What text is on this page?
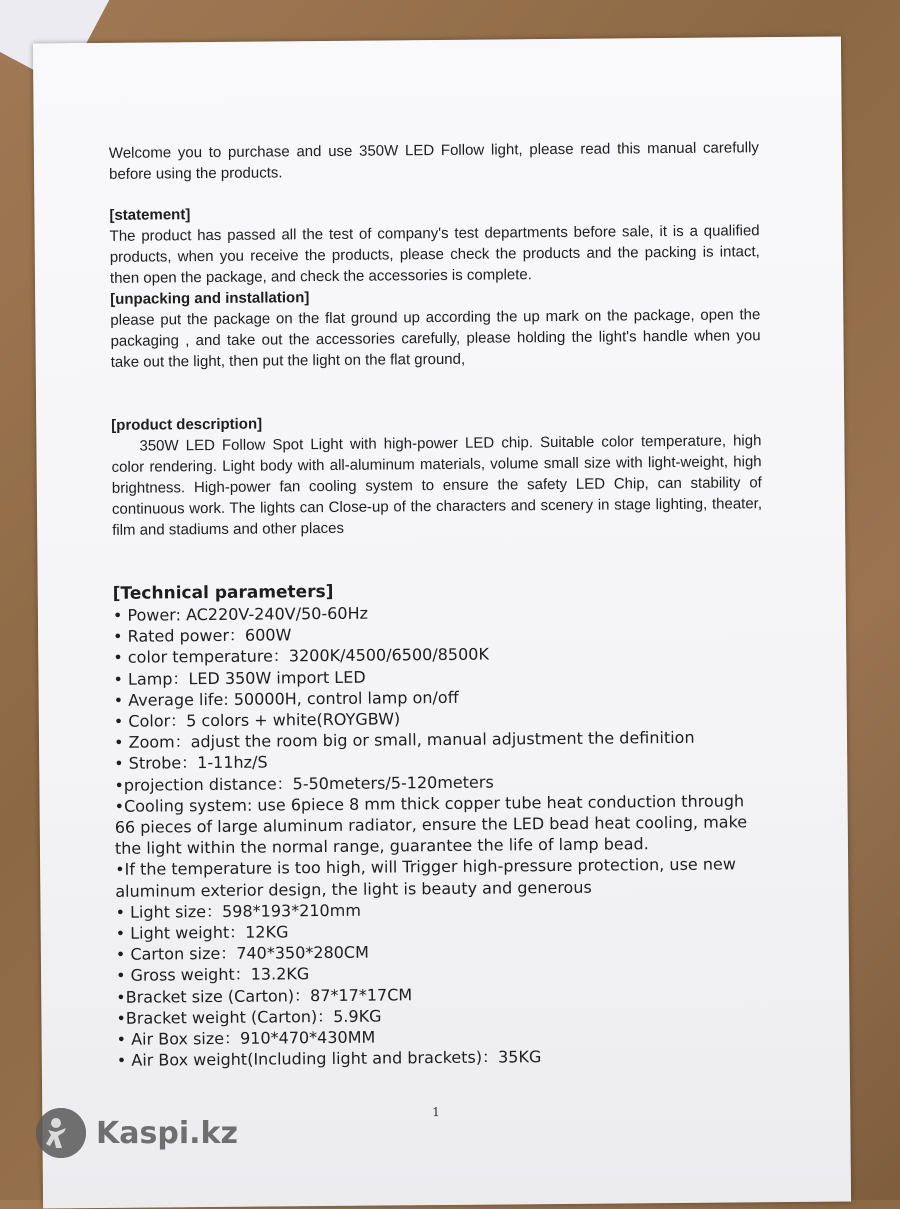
Welcome you to purchase and use 350W LED Follow light, please read this manual carefully before using the products.

[statement]

The product has passed all the test of company's test departments before sale, it is a qualified products, when you receive the products, please check the products and the packing is intact, then open the package, and check the accessories is complete.

[unpacking and installation]

please put the package on the flat ground up according the up mark on the package, open the packaging , and take out the accessories carefully, please holding the light's handle when you take out the light, then put the light on the flat ground,

[product description]

350W LED Follow Spot Light with high-power LED chip. Suitable color temperature, high color rendering. Light body with all-aluminum materials, volume small size with light-weight, high brightness. High-power fan cooling system to ensure the safety LED Chip, can stability of continuous work. The lights can Close-up of the characters and scenery in stage lighting, theater, film and stadiums and other places

[Technical parameters]

• Power: AC220V-240V/50-60Hz
• Rated power：600W
• color temperature：3200K/4500/6500/8500K
• Lamp：LED 350W import LED
• Average life: 50000H, control lamp on/off
• Color：5 colors + white(ROYGBW)
• Zoom：adjust the room big or small, manual adjustment the definition
• Strobe：1-11hz/S
•projection distance：5-50meters/5-120meters
•Cooling system: use 6piece 8 mm thick copper tube heat conduction through 66 pieces of large aluminum radiator, ensure the LED bead heat cooling, make the light within the normal range, guarantee the life of lamp bead.
•If the temperature is too high, will Trigger high-pressure protection, use new aluminum exterior design, the light is beauty and generous
• Light size：598*193*210mm
• Light weight：12KG
• Carton size：740*350*280CM
• Gross weight：13.2KG
•Bracket size (Carton)：87*17*17CM
•Bracket weight (Carton)：5.9KG
• Air Box size：910*470*430MM
• Air Box weight(Including light and brackets)：35KG
1
Kaspi.kz
